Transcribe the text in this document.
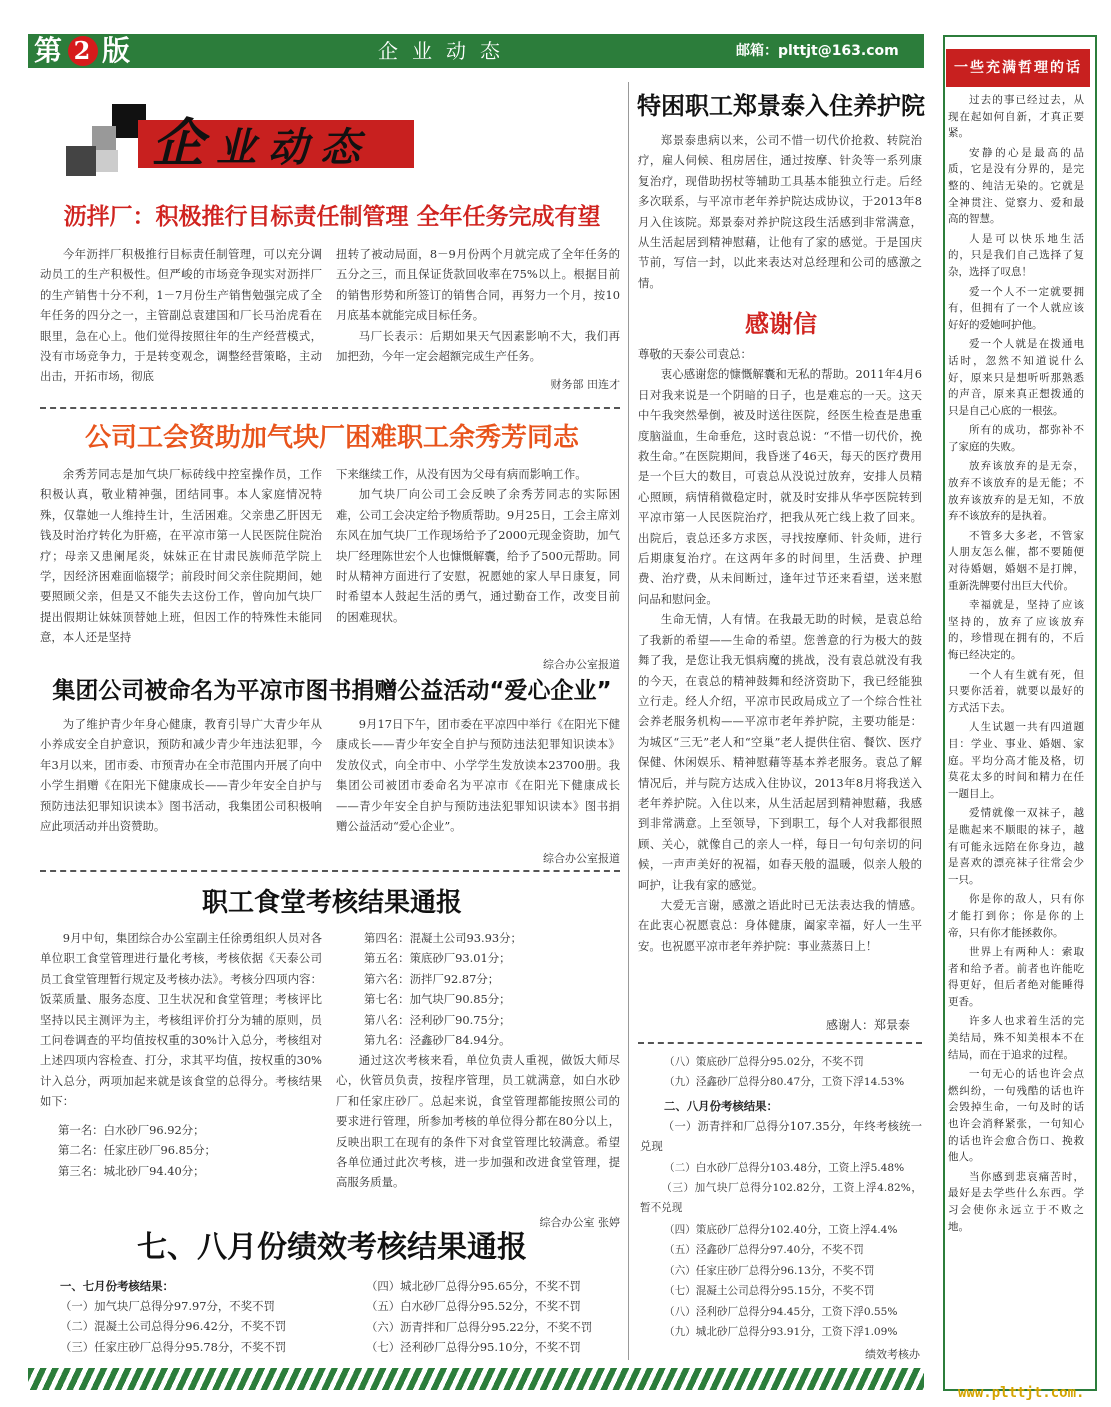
第 2 版	企业动态	邮箱：plttjt@163.com
企业动态
沥拌厂：积极推行目标责任制管理 全年任务完成有望

今年沥拌厂积极推行目标责任制管理，可以充分调动员工的生产积极性。但严峻的市场竞争现实对沥拌厂的生产销售十分不利，1－7月份生产销售勉强完成了全年任务的四分之一，主管副总袁建国和厂长马治虎看在眼里，急在心上。他们觉得按照往年的生产经营模式，没有市场竞争力，于是转变观念，调整经营策略，主动出击，开拓市场，彻底

扭转了被动局面，8－9月份两个月就完成了全年任务的五分之三，而且保证货款回收率在75%以上。根据目前的销售形势和所签订的销售合同，再努力一个月，按10月底基本就能完成目标任务。

马厂长表示：后期如果天气因素影响不大，我们再加把劲，今年一定会超额完成生产任务。

财务部 田连才
公司工会资助加气块厂困难职工余秀芳同志

余秀芳同志是加气块厂标砖线中控室操作员，工作积极认真，敬业精神强，团结同事。本人家庭情况特殊，仅靠她一人维持生计，生活困难。父亲患乙肝因无钱及时治疗转化为肝癌，在平凉市第一人民医院住院治疗；母亲又患阑尾炎，妹妹正在甘肃民族师范学院上学，因经济困难面临辍学；前段时间父亲住院期间，她要照顾父亲，但是又不能失去这份工作，曾向加气块厂提出假期让妹妹顶替她上班，但因工作的特殊性未能同意，本人还是坚持

下来继续工作，从没有因为父母有病而影响工作。

加气块厂向公司工会反映了余秀芳同志的实际困难，公司工会决定给予物质帮助。9月25日，工会主席刘东风在加气块厂工作现场给予了2000元现金资助，加气块厂经理陈世宏个人也慷慨解囊，给予了500元帮助。同时从精神方面进行了安慰，祝愿她的家人早日康复，同时希望本人鼓起生活的勇气，通过勤奋工作，改变目前的困难现状。

综合办公室报道
集团公司被命名为平凉市图书捐赠公益活动“爱心企业”

为了维护青少年身心健康，教育引导广大青少年从小养成安全自护意识，预防和减少青少年违法犯罪，今年3月以来，团市委、市预青办在全市范围内开展了向中小学生捐赠《在阳光下健康成长——青少年安全自护与预防违法犯罪知识读本》图书活动，我集团公司积极响应此项活动并出资赞助。

9月17日下午，团市委在平凉四中举行《在阳光下健康成长——青少年安全自护与预防违法犯罪知识读本》发放仪式，向全市中、小学学生发放读本23700册。我集团公司被团市委命名为平凉市《在阳光下健康成长——青少年安全自护与预防违法犯罪知识读本》图书捐赠公益活动“爱心企业”。

综合办公室报道
职工食堂考核结果通报

9月中旬，集团综合办公室副主任徐勇组织人员对各单位职工食堂管理进行量化考核，考核依据《天泰公司员工食堂管理暂行规定及考核办法》。考核分四项内容：饭菜质量、服务态度、卫生状况和食堂管理；考核评比坚持以民主测评为主，考核组评价打分为辅的原则，员工问卷调查的平均值按权重的30%计入总分，考核组对上述四项内容检查、打分，求其平均值，按权重的30%计入总分，两项加起来就是该食堂的总得分。考核结果如下：

第一名：白水砂厂96.92分；
第二名：任家庄砂厂96.85分；
第三名：城北砂厂94.40分；
第四名：混凝土公司93.93分；
第五名：策底砂厂93.01分；
第六名：沥拌厂92.87分；
第七名：加气块厂90.85分；
第八名：泾利砂厂90.75分；
第九名：泾鑫砂厂84.94分。

通过这次考核来看，单位负责人重视，做饭大师尽心，伙管员负责，按程序管理，员工就满意，如白水砂厂和任家庄砂厂。总起来说，食堂管理都能按照公司的要求进行管理，所参加考核的单位得分都在80分以上，反映出职工在现有的条件下对食堂管理比较满意。希望各单位通过此次考核，进一步加强和改进食堂管理，提高服务质量。

综合办公室 张婷
七、八月份绩效考核结果通报
一、七月份考核结果：
（一）加气块厂总得分97.97分，不奖不罚
（二）混凝土公司总得分96.42分，不奖不罚
（三）任家庄砂厂总得分95.78分，不奖不罚
（四）城北砂厂总得分95.65分，不奖不罚
（五）白水砂厂总得分95.52分，不奖不罚
（六）沥青拌和厂总得分95.22分，不奖不罚
（七）泾利砂厂总得分95.10分，不奖不罚
特困职工郑景泰入住养护院

郑景泰患病以来，公司不惜一切代价抢救、转院治疗，雇人伺候、租房居住，通过按摩、针灸等一系列康复治疗，现借助拐杖等辅助工具基本能独立行走。后经多次联系，与平凉市老年养护院达成协议，于2013年8月入住该院。郑景泰对养护院这段生活感到非常满意，从生活起居到精神慰藉，让他有了家的感觉。于是国庆节前，写信一封，以此来表达对总经理和公司的感激之情。

感谢信
尊敬的天泰公司袁总：

衷心感谢您的慷慨解囊和无私的帮助。2011年4月6日对我来说是一个阴暗的日子，也是难忘的一天。这天中午我突然晕倒，被及时送往医院，经医生检查是患重度脑溢血，生命垂危，这时袁总说：“不惜一切代价，挽救生命。”在医院期间，我昏迷了46天，每天的医疗费用是一个巨大的数目，可袁总从没说过放弃，安排人员精心照顾，病情稍微稳定时，就及时安排从华亭医院转到平凉市第一人民医院治疗，把我从死亡线上救了回来。出院后，袁总还多方求医，寻找按摩师、针灸师，进行后期康复治疗。在这两年多的时间里，生活费、护理费、治疗费，从未间断过，逢年过节还来看望，送来慰问品和慰问金。

生命无情，人有情。在我最无助的时候，是袁总给了我新的希望——生命的希望。您善意的行为极大的鼓舞了我，是您让我无惧病魔的挑战，没有袁总就没有我的今天，在袁总的精神鼓舞和经济资助下，我已经能独立行走。经人介绍，平凉市民政局成立了一个综合性社会养老服务机构——平凉市老年养护院，主要功能是：为城区“三无”老人和“空巢”老人提供住宿、餐饮、医疗保健、休闲娱乐、精神慰藉等基本养老服务。袁总了解情况后，并与院方达成入住协议，2013年8月将我送入老年养护院。入住以来，从生活起居到精神慰藉，我感到非常满意。上至领导，下到职工，每个人对我都很照顾、关心，就像自己的亲人一样，每日一句句亲切的问候，一声声美好的祝福，如春天般的温暖，似亲人般的呵护，让我有家的感觉。

大爱无言谢，感激之语此时已无法表达我的情感。在此衷心祝愿袁总：身体健康，阖家幸福，好人一生平安。也祝愿平凉市老年养护院：事业蒸蒸日上！

感谢人：郑景泰
（八）策底砂厂总得分95.02分，不奖不罚
（九）泾鑫砂厂总得分80.47分，工资下浮14.53%
二、八月份考核结果：

（一）沥青拌和厂总得分107.35分，年终考核统一兑现

（二）白水砂厂总得分103.48分，工资上浮5.48%

（三）加气块厂总得分102.82分，工资上浮4.82%，暂不兑现

（四）策底砂厂总得分102.40分，工资上浮4.4%
（五）泾鑫砂厂总得分97.40分，不奖不罚
（六）任家庄砂厂总得分96.13分，不奖不罚
（七）混凝土公司总得分95.15分，不奖不罚
（八）泾利砂厂总得分94.45分，工资下浮0.55%
（九）城北砂厂总得分93.91分，工资下浮1.09%
绩效考核办
一些充满哲理的话

过去的事已经过去，从现在起如何自新，才真正要紧。

安静的心是最高的品质，它是没有分界的，是完整的、纯洁无染的。它就是全神贯注、觉察力、爱和最高的智慧。

人是可以快乐地生活的，只是我们自己选择了复杂，选择了叹息！

爱一个人不一定就要拥有，但拥有了一个人就应该好好的爱她呵护他。

爱一个人就是在拨通电话时，忽然不知道说什么好，原来只是想听听那熟悉的声音，原来真正想拨通的只是自己心底的一根弦。

所有的成功，都弥补不了家庭的失败。

放弃该放弃的是无奈，放弃不该放弃的是无能；不放弃该放弃的是无知，不放弃不该放弃的是执着。

不管多大多老，不管家人朋友怎么催，都不要随便对待婚姻，婚姻不是打牌，重新洗牌要付出巨大代价。

幸福就是，坚持了应该坚持的，放弃了应该放弃的，珍惜现在拥有的，不后悔已经决定的。

一个人有生就有死，但只要你活着，就要以最好的方式活下去。

人生试题一共有四道题目：学业、事业、婚姻、家庭。平均分高才能及格，切莫花太多的时间和精力在任一题目上。

爱情就像一双袜子，越是瞧起来不顺眼的袜子，越有可能永远陪在你身边，越是喜欢的漂亮袜子往常会少一只。

你是你的敌人，只有你才能打到你；你是你的上帝，只有你才能拯救你。

世界上有两种人：索取者和给予者。前者也许能吃得更好，但后者绝对能睡得更香。

许多人也求着生活的完美结局，殊不知美根本不在结局，而在于追求的过程。

一句无心的话也许会点燃纠纷，一句残酷的话也许会毁掉生命，一句及时的话也许会消释紧张，一句知心的话也许会愈合伤口、挽救他人。

当你感到悲哀痛苦时，最好是去学些什么东西。学习会使你永远立于不败之地。

www.plttjt.com.
